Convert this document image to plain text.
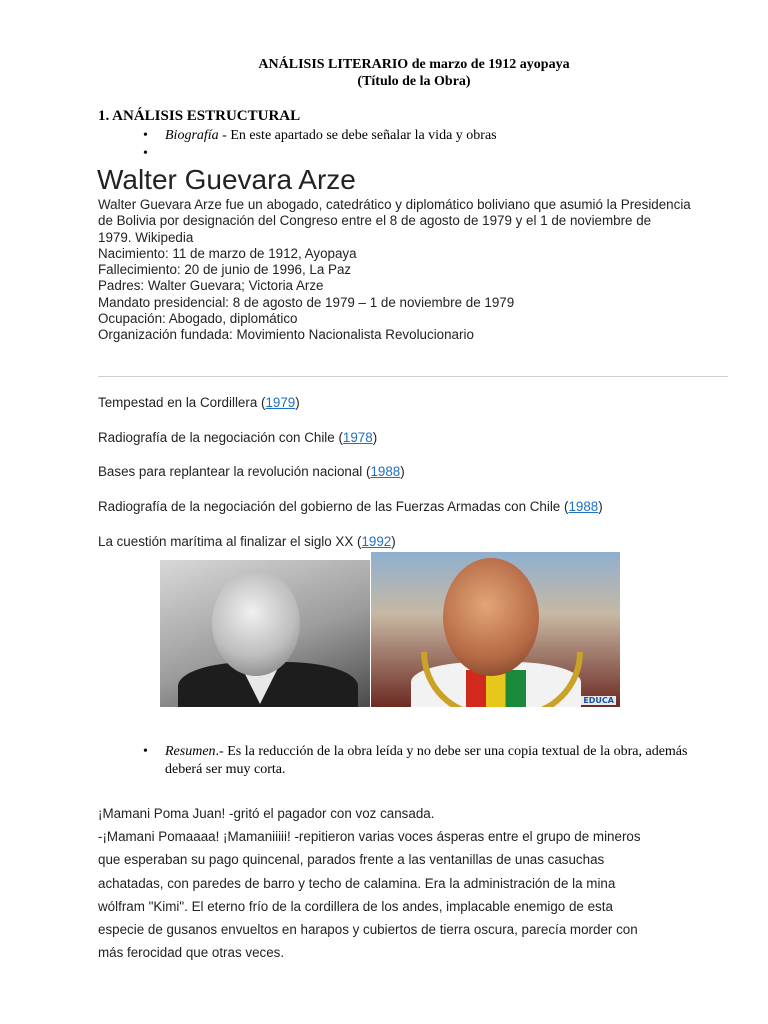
ANÁLISIS LITERARIO de marzo de 1912 ayopaya
(Título de la Obra)
1. ANÁLISIS ESTRUCTURAL
• Biografía - En este apartado se debe señalar la vida y obras
•
Walter Guevara Arze

Walter Guevara Arze fue un abogado, catedrático y diplomático boliviano que asumió la Presidencia

de Bolivia por designación del Congreso entre el 8 de agosto de 1979 y el 1 de noviembre de

1979. Wikipedia

Nacimiento: 11 de marzo de 1912, Ayopaya

Fallecimiento: 20 de junio de 1996, La Paz

Padres: Walter Guevara; Victoria Arze

Mandato presidencial: 8 de agosto de 1979 – 1 de noviembre de 1979

Ocupación: Abogado, diplomático

Organización fundada: Movimiento Nacionalista Revolucionario

Tempestad en la Cordillera (1979)
Radiografía de la negociación con Chile (1978)
Bases para replantear la revolución nacional (1988)
Radiografía de la negociación del gobierno de las Fuerzas Armadas con Chile (1988)
La cuestión marítima al finalizar el siglo XX (1992)
EDUCA
• Resumen.- Es la reducción de la obra leída y no debe ser una copia textual de la obra, además
deberá ser muy corta.

¡Mamani Poma Juan! -gritó el pagador con voz cansada.

-¡Mamani Pomaaaa! ¡Mamaniiiii! -repitieron varias voces ásperas entre el grupo de mineros

que esperaban su pago quincenal, parados frente a las ventanillas de unas casuchas

achatadas, con paredes de barro y techo de calamina. Era la administración de la mina

wólfram "Kimi". El eterno frío de la cordillera de los andes, implacable enemigo de esta

especie de gusanos envueltos en harapos y cubiertos de tierra oscura, parecía morder con

más ferocidad que otras veces.
